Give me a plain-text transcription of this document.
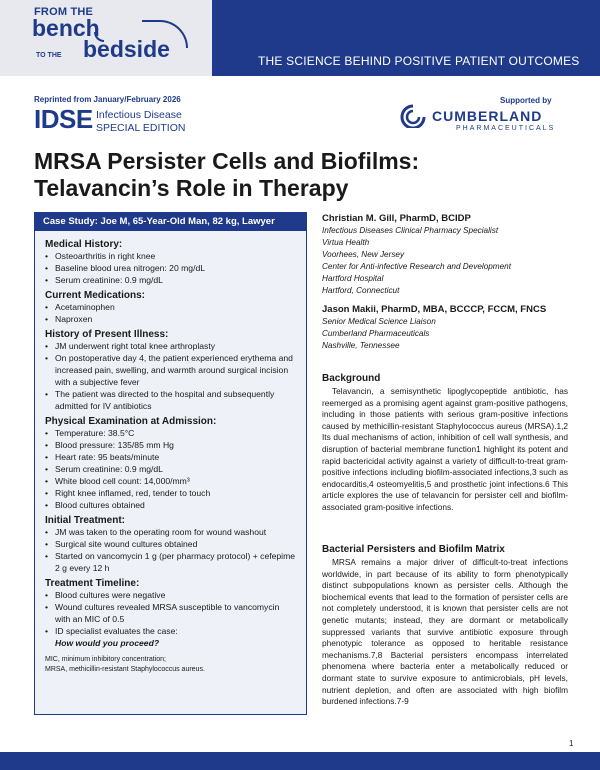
FROM THE
bench
TO THE bedside	THE SCIENCE BEHIND POSITIVE PATIENT OUTCOMES
Reprinted from January/February 2026
IDSE Infectious Disease
SPECIAL EDITION
Supported by
CUMBERLAND
PHARMACEUTICALS
MRSA Persister Cells and Biofilms:
Telavancin’s Role in Therapy
Case Study: Joe M, 65-Year-Old Man, 82 kg, Lawyer
Medical History:
• Osteoarthritis in right knee
• Baseline blood urea nitrogen: 20 mg/dL
• Serum creatinine: 0.9 mg/dL
Current Medications:
• Acetaminophen
• Naproxen
History of Present Illness:
• JM underwent right total knee arthroplasty
• On postoperative day 4, the patient experienced erythema and increased pain, swelling, and warmth around surgical incision with a subjective fever
• The patient was directed to the hospital and subsequently admitted for IV antibiotics
Physical Examination at Admission:
• Temperature: 38.5°C
• Blood pressure: 135/85 mm Hg
• Heart rate: 95 beats/minute
• Serum creatinine: 0.9 mg/dL
• White blood cell count: 14,000/mm³
• Right knee inflamed, red, tender to touch
• Blood cultures obtained
Initial Treatment:
• JM was taken to the operating room for wound washout
• Surgical site wound cultures obtained
• Started on vancomycin 1 g (per pharmacy protocol) + cefepime 2 g every 12 h
Treatment Timeline:
• Blood cultures were negative
• Wound cultures revealed MRSA susceptible to vancomycin with an MIC of 0.5
• ID specialist evaluates the case:
How would you proceed?
MIC, minimum inhibitory concentration;
MRSA, methicillin-resistant Staphylococcus aureus.
Christian M. Gill, PharmD, BCIDP
Infectious Diseases Clinical Pharmacy Specialist
Virtua Health
Voorhees, New Jersey
Center for Anti-infective Research and Development
Hartford Hospital
Hartford, Connecticut
Jason Makii, PharmD, MBA, BCCCP, FCCM, FNCS
Senior Medical Science Liaison
Cumberland Pharmaceuticals
Nashville, Tennessee
Background

Telavancin, a semisynthetic lipoglycopeptide antibiotic, has reemerged as a promising agent against gram-positive pathogens, including in those patients with serious gram-positive infections caused by methicillin-resistant Staphylococcus aureus (MRSA).1,2 Its dual mechanisms of action, inhibition of cell wall synthesis, and disruption of bacterial membrane function1 highlight its potent and rapid bactericidal activity against a variety of difficult-to-treat gram-positive infections including biofilm-associated infections,3 such as endocarditis,4 osteomyelitis,5 and prosthetic joint infections.6 This article explores the use of telavancin for persister cell and biofilm-associated gram-positive infections.

Bacterial Persisters and Biofilm Matrix

MRSA remains a major driver of difficult-to-treat infections worldwide, in part because of its ability to form phenotypically distinct subpopulations known as persister cells. Although the biochemical events that lead to the formation of persister cells are not completely understood, it is known that persister cells are not genetic mutants; instead, they are dormant or metabolically suppressed variants that survive antibiotic exposure through phenotypic tolerance as opposed to heritable resistance mechanisms.7,8 Bacterial persisters encompass interrelated phenomena where bacteria enter a metabolically reduced or dormant state to survive exposure to antimicrobials, pH levels, nutrient depletion, and often are associated with high biofilm burdened infections.7-9

1
